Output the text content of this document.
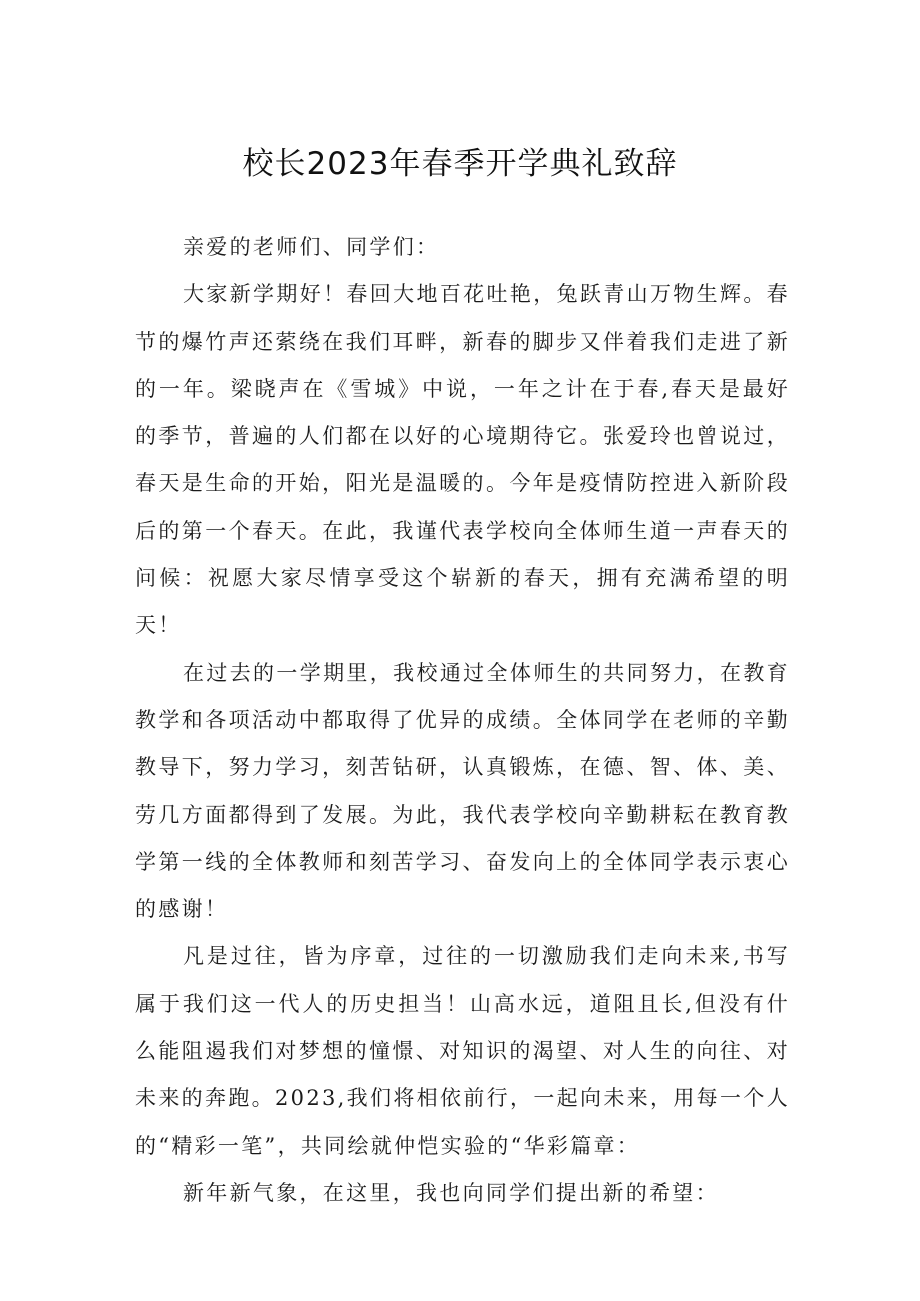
校长2023年春季开学典礼致辞

亲爱的老师们、同学们：

大家新学期好！春回大地百花吐艳，兔跃青山万物生辉。春节的爆竹声还萦绕在我们耳畔，新春的脚步又伴着我们走进了新的一年。梁晓声在《雪城》中说，一年之计在于春,春天是最好的季节，普遍的人们都在以好的心境期待它。张爱玲也曾说过，春天是生命的开始，阳光是温暖的。今年是疫情防控进入新阶段后的第一个春天。在此，我谨代表学校向全体师生道一声春天的问候：祝愿大家尽情享受这个崭新的春天，拥有充满希望的明天！

在过去的一学期里，我校通过全体师生的共同努力，在教育教学和各项活动中都取得了优异的成绩。全体同学在老师的辛勤教导下，努力学习，刻苦钻研，认真锻炼，在德、智、体、美、劳几方面都得到了发展。为此，我代表学校向辛勤耕耘在教育教学第一线的全体教师和刻苦学习、奋发向上的全体同学表示衷心的感谢！

凡是过往，皆为序章，过往的一切激励我们走向未来,书写属于我们这一代人的历史担当！山高水远，道阻且长,但没有什么能阻遏我们对梦想的憧憬、对知识的渴望、对人生的向往、对未来的奔跑。2023,我们将相依前行，一起向未来，用每一个人的“精彩一笔”，共同绘就仲恺实验的“华彩篇章：

新年新气象，在这里，我也向同学们提出新的希望：
